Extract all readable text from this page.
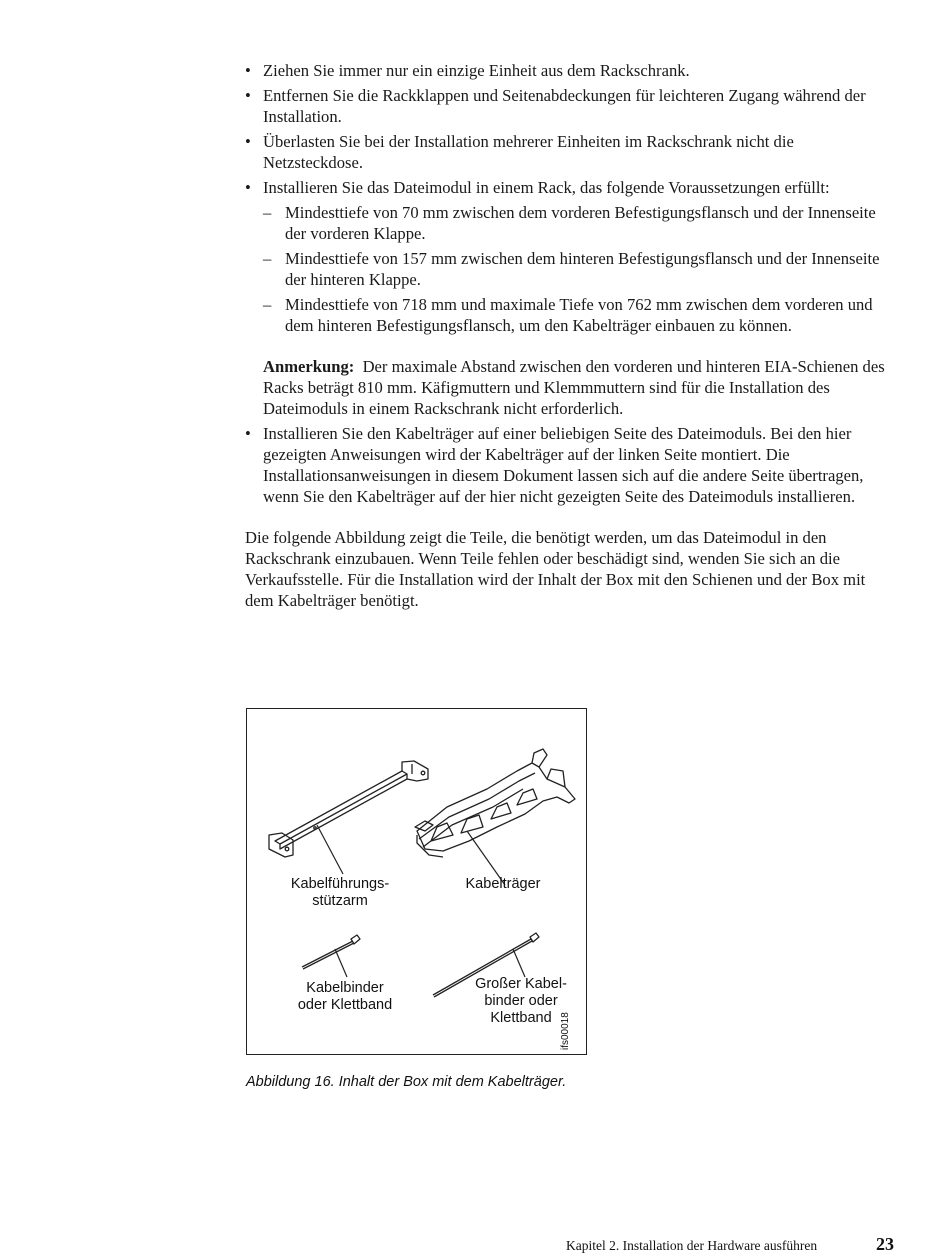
• Ziehen Sie immer nur ein einzige Einheit aus dem Rackschrank.
• Entfernen Sie die Rackklappen und Seitenabdeckungen für leichteren Zugang während der Installation.
• Überlasten Sie bei der Installation mehrerer Einheiten im Rackschrank nicht die Netzsteckdose.
• Installieren Sie das Dateimodul in einem Rack, das folgende Voraussetzungen erfüllt:
– Mindesttiefe von 70 mm zwischen dem vorderen Befestigungsflansch und der Innenseite der vorderen Klappe.
– Mindesttiefe von 157 mm zwischen dem hinteren Befestigungsflansch und der Innenseite der hinteren Klappe.
– Mindesttiefe von 718 mm und maximale Tiefe von 762 mm zwischen dem vorderen und dem hinteren Befestigungsflansch, um den Kabelträger einbauen zu können.

Anmerkung: Der maximale Abstand zwischen den vorderen und hinteren EIA-Schienen des Racks beträgt 810 mm. Käfigmuttern und Klemmmuttern sind für die Installation des Dateimoduls in einem Rackschrank nicht erforderlich.

• Installieren Sie den Kabelträger auf einer beliebigen Seite des Dateimoduls. Bei den hier gezeigten Anweisungen wird der Kabelträger auf der linken Seite montiert. Die Installationsanweisungen in diesem Dokument lassen sich auf die andere Seite übertragen, wenn Sie den Kabelträger auf der hier nicht gezeigten Seite des Dateimoduls installieren.

Die folgende Abbildung zeigt die Teile, die benötigt werden, um das Dateimodul in den Rackschrank einzubauen. Wenn Teile fehlen oder beschädigt sind, wenden Sie sich an die Verkaufsstelle. Für die Installation wird der Inhalt der Box mit den Schienen und der Box mit dem Kabelträger benötigt.

Kabelführungs-
stützarm
Kabelträger
Kabelbinder
oder Klettband
Großer Kabel-
binder oder
Klettband ifs00018
Abbildung 16. Inhalt der Box mit dem Kabelträger.
Kapitel 2. Installation der Hardware ausführen	23
